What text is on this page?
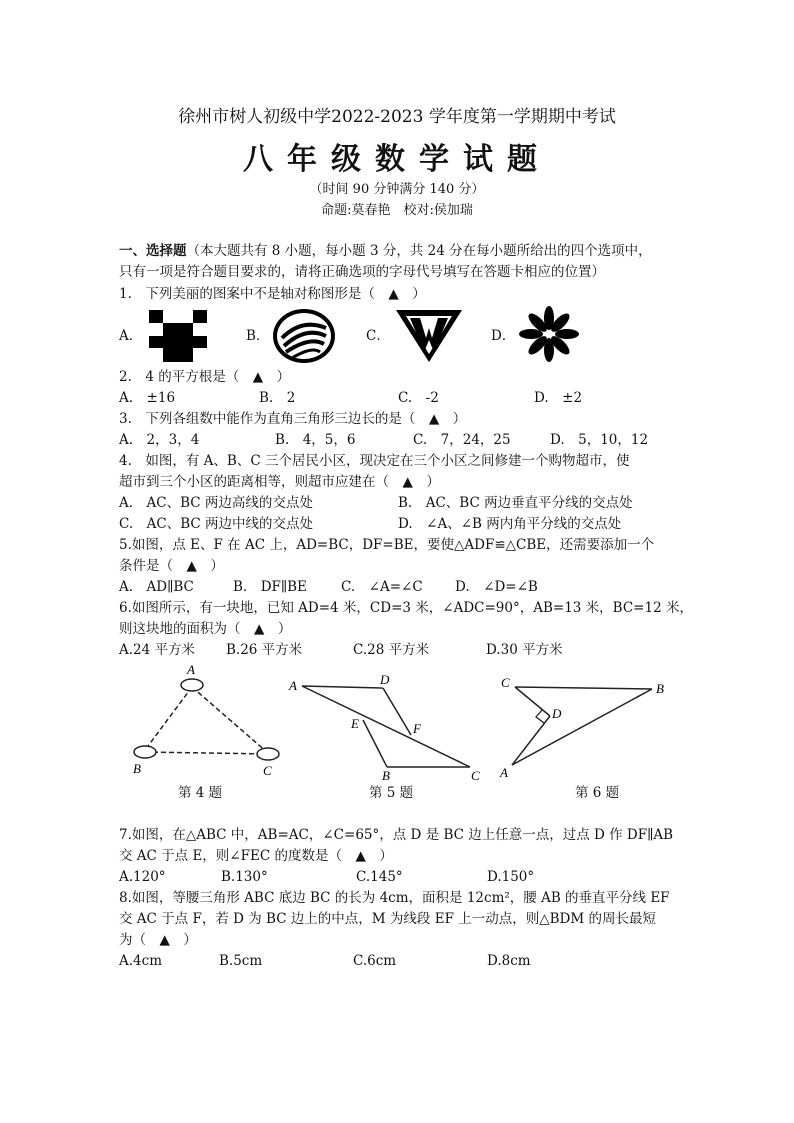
徐州市树人初级中学2022-2023 学年度第一学期期中考试
八年级数学试题
（时间 90 分钟满分 140 分）
命题:莫春艳　校对:侯加瑞
一、选择题（本大题共有 8 小题，每小题 3 分，共 24 分在每小题所给出的四个选项中，
只有一项是符合题目要求的，请将正确选项的字母代号填写在答题卡相应的位置）
1.　下列美丽的图案中不是轴对称图形是（　▲　）
A．	B．	C．	D．
2.　4 的平方根是（　▲　）
A.　±16	B.　2	C.　-2	D.　±2
3.　下列各组数中能作为直角三角形三边长的是（　▲　）
A.　2，3，4	B.　4，5，6	C.　7，24，25	D.　5，10，12
4.　如图，有 A、B、C 三个居民小区，现决定在三个小区之间修建一个购物超市，使
超市到三个小区的距离相等，则超市应建在（　▲　）
A.　AC、BC 两边高线的交点处	B.　AC、BC 两边垂直平分线的交点处
C.　AC、BC 两边中线的交点处	D.　∠A、∠B 两内角平分线的交点处
5.如图，点 E、F 在 AC 上，AD=BC，DF=BE，要使△ADF≌△CBE，还需要添加一个
条件是（　▲　）
A.　AD∥BC	B.　DF∥BE	C.　∠A=∠C D.　∠D=∠B
6.如图所示，有一块地，已知 AD=4 米，CD=3 米，∠ADC=90°，AB=13 米，BC=12 米，
则这块地的面积为（　▲　）
A.24 平方米 B.26 平方米	C.28 平方米	D.30 平方米
A
B	C
A	D
E	F
B	C
C	B
D
A
第 4 题	第 5 题	第 6 题
7.如图，在△ABC 中，AB=AC，∠C=65°，点 D 是 BC 边上任意一点，过点 D 作 DF∥AB
交 AC 于点 E，则∠FEC 的度数是（　▲　）
A.120°	B.130°	C.145°	D.150°
8.如图，等腰三角形 ABC 底边 BC 的长为 4cm，面积是 12cm²，腰 AB 的垂直平分线 EF
交 AC 于点 F，若 D 为 BC 边上的中点，M 为线段 EF 上一动点，则△BDM 的周长最短
为（　▲　）
A.4cm	B.5cm	C.6cm	D.8cm
